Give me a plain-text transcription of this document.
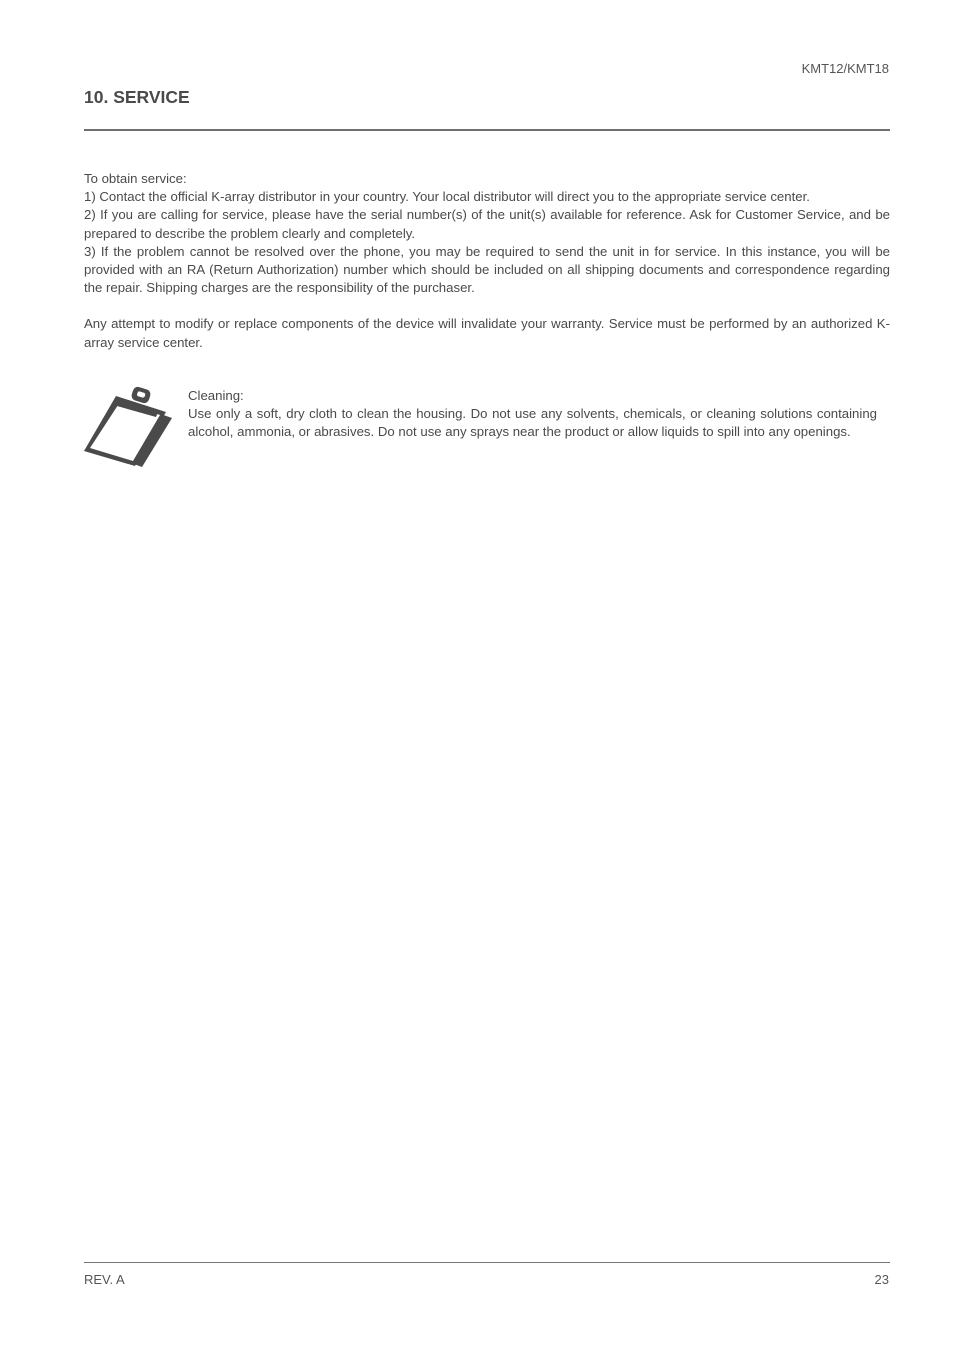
KMT12/KMT18
10. SERVICE

To obtain service:

1) Contact the official K-array distributor in your country. Your local distributor will direct you to the appropriate service center.

2) If you are calling for service, please have the serial number(s) of the unit(s) available for reference. Ask for Customer Service, and be prepared to describe the problem clearly and completely.

3) If the problem cannot be resolved over the phone, you may be required to send the unit in for service. In this instance, you will be provided with an RA (Return Authorization) number which should be included on all shipping documents and correspondence regarding the repair. Shipping charges are the responsibility of the purchaser.

Any attempt to modify or replace components of the device will invalidate your warranty. Service must be performed by an authorized K-array service center.

Cleaning:

Use only a soft, dry cloth to clean the housing. Do not use any solvents, chemicals, or cleaning solutions containing alcohol, ammonia, or abrasives. Do not use any sprays near the product or allow liquids to spill into any openings.

REV. A	23
